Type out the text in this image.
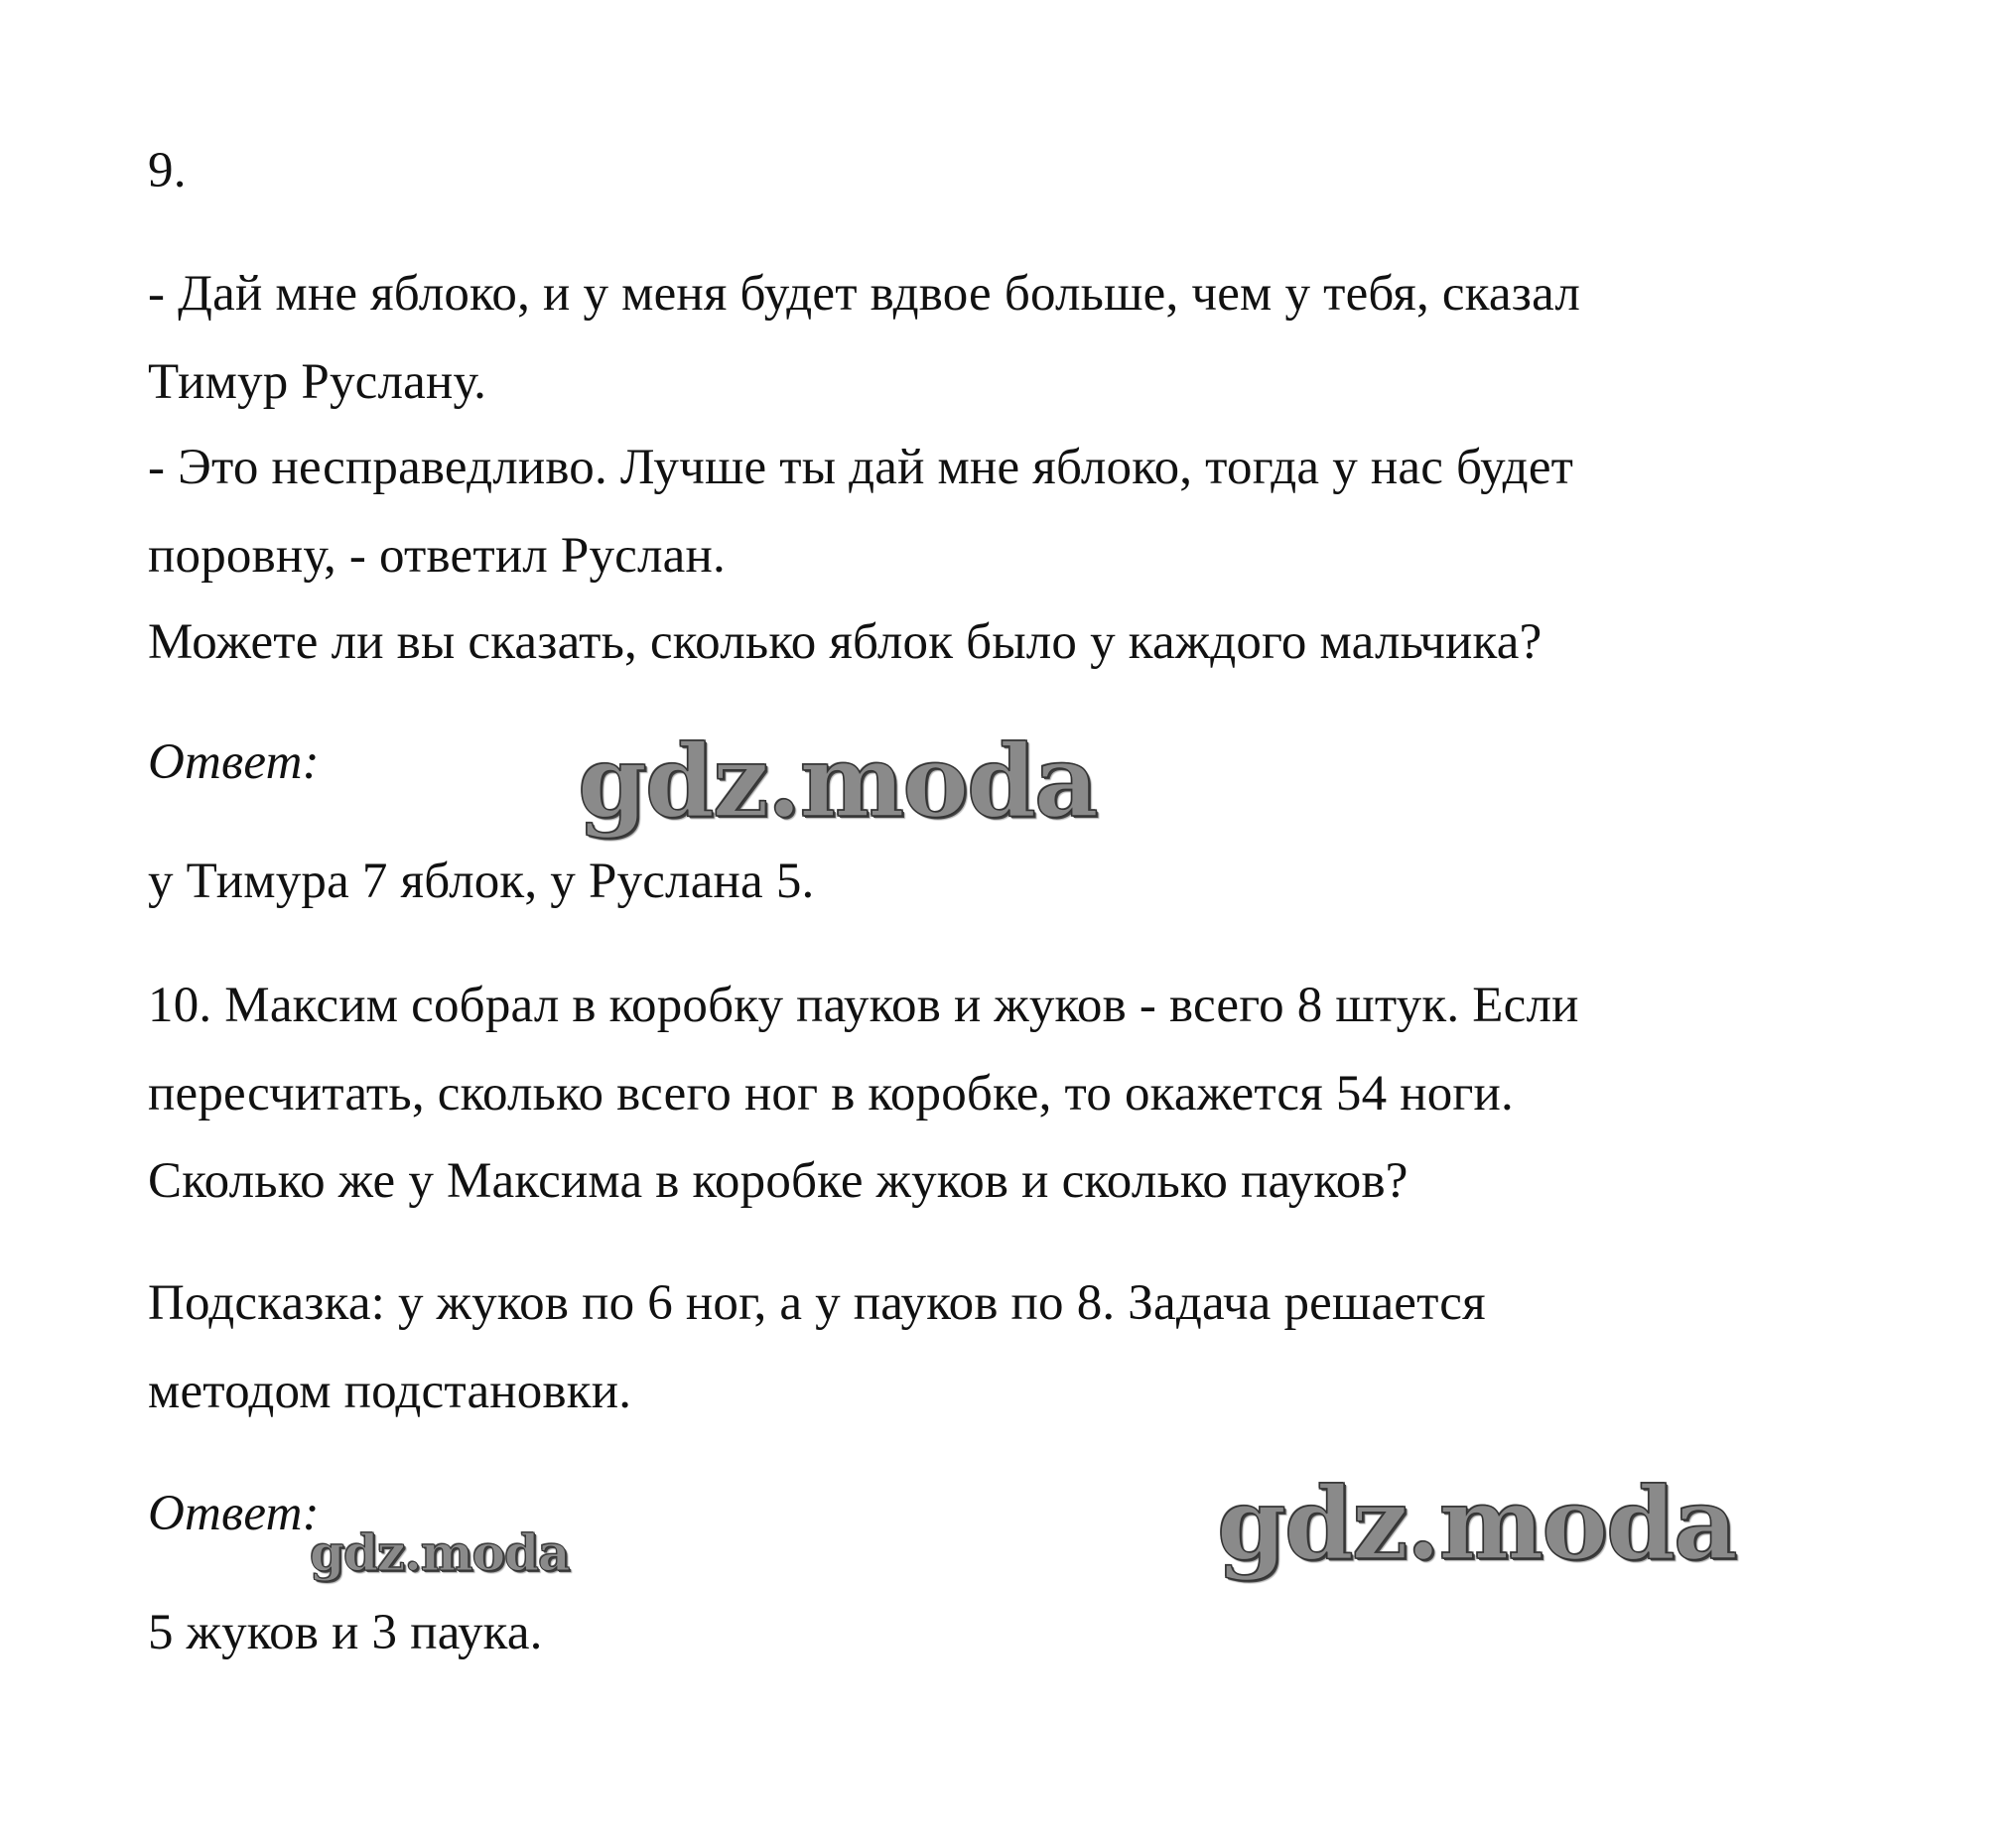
9.
- Дай мне яблоко, и у меня будет вдвое больше, чем у тебя, сказал
Тимур Руслану.
- Это несправедливо. Лучше ты дай мне яблоко, тогда у нас будет
поровну, - ответил Руслан.
Можете ли вы сказать, сколько яблок было у каждого мальчика?
Ответ:
у Тимура 7 яблок, у Руслана 5.
10. Максим собрал в коробку пауков и жуков - всего 8 штук. Если
пересчитать, сколько всего ног в коробке, то окажется 54 ноги.
Сколько же у Максима в коробке жуков и сколько пауков?
Подсказка: у жуков по 6 ног, а у пауков по 8. Задача решается
методом подстановки.
Ответ:
5 жуков и 3 паука.
gdz.moda
gdz.moda	gdz.moda
